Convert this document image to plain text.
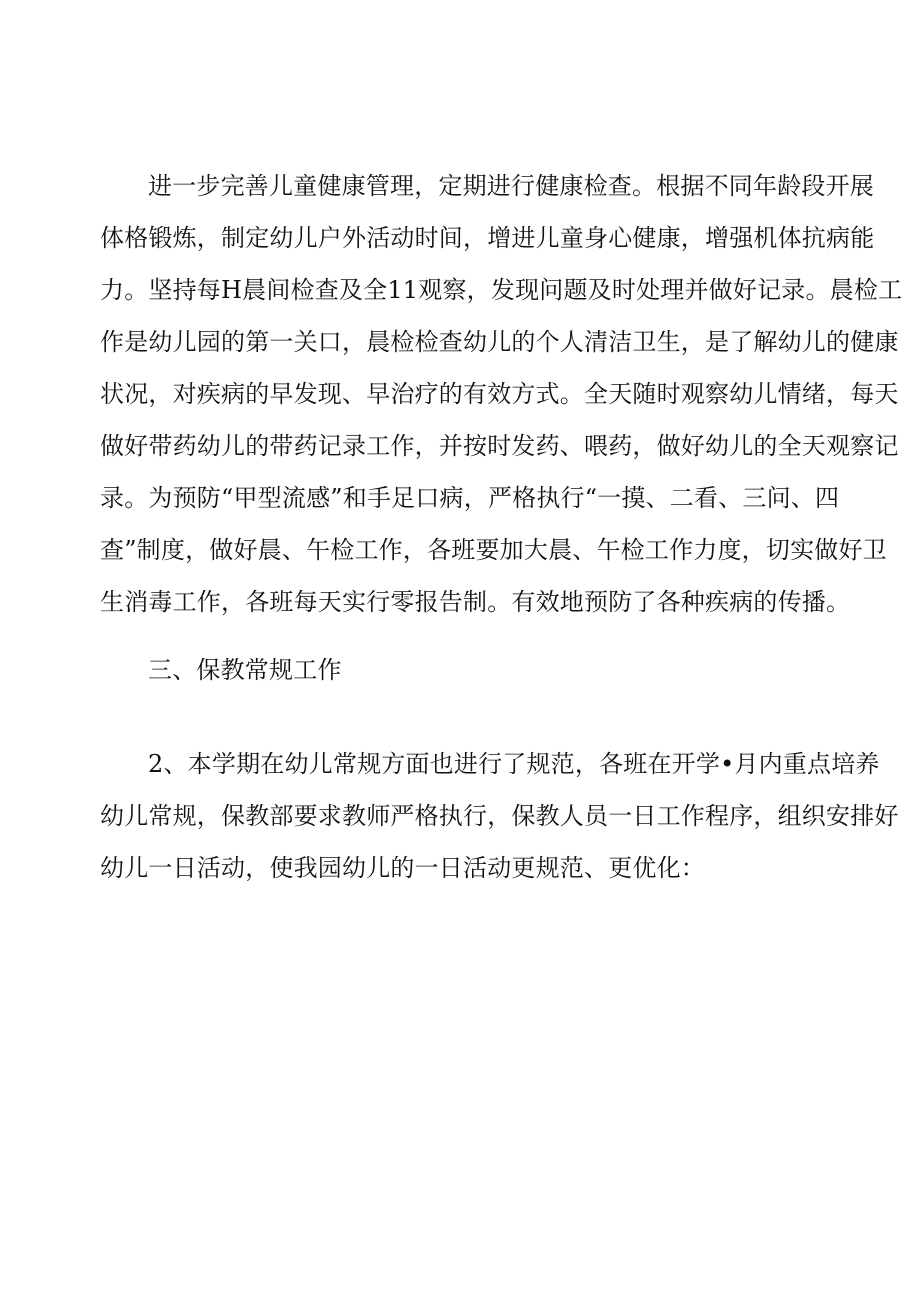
进一步完善儿童健康管理，定期进行健康检查。根据不同年龄段开展
体格锻炼，制定幼儿户外活动时间，增进儿童身心健康，增强机体抗病能
力。坚持每H晨间检查及全11观察，发现问题及时处理并做好记录。晨检工
作是幼儿园的第一关口，晨检检查幼儿的个人清洁卫生，是了解幼儿的健康
状况，对疾病的早发现、早治疗的有效方式。全天随时观察幼儿情绪，每天
做好带药幼儿的带药记录工作，并按时发药、喂药，做好幼儿的全天观察记
录。为预防“甲型流感”和手足口病，严格执行“一摸、二看、三问、四
查”制度，做好晨、午检工作，各班要加大晨、午检工作力度，切实做好卫
生消毒工作，各班每天实行零报告制。有效地预防了各种疾病的传播。
三、保教常规工作
2、本学期在幼儿常规方面也进行了规范，各班在开学•月内重点培养
幼儿常规，保教部要求教师严格执行，保教人员一日工作程序，组织安排好
幼儿一日活动，使我园幼儿的一日活动更规范、更优化：
